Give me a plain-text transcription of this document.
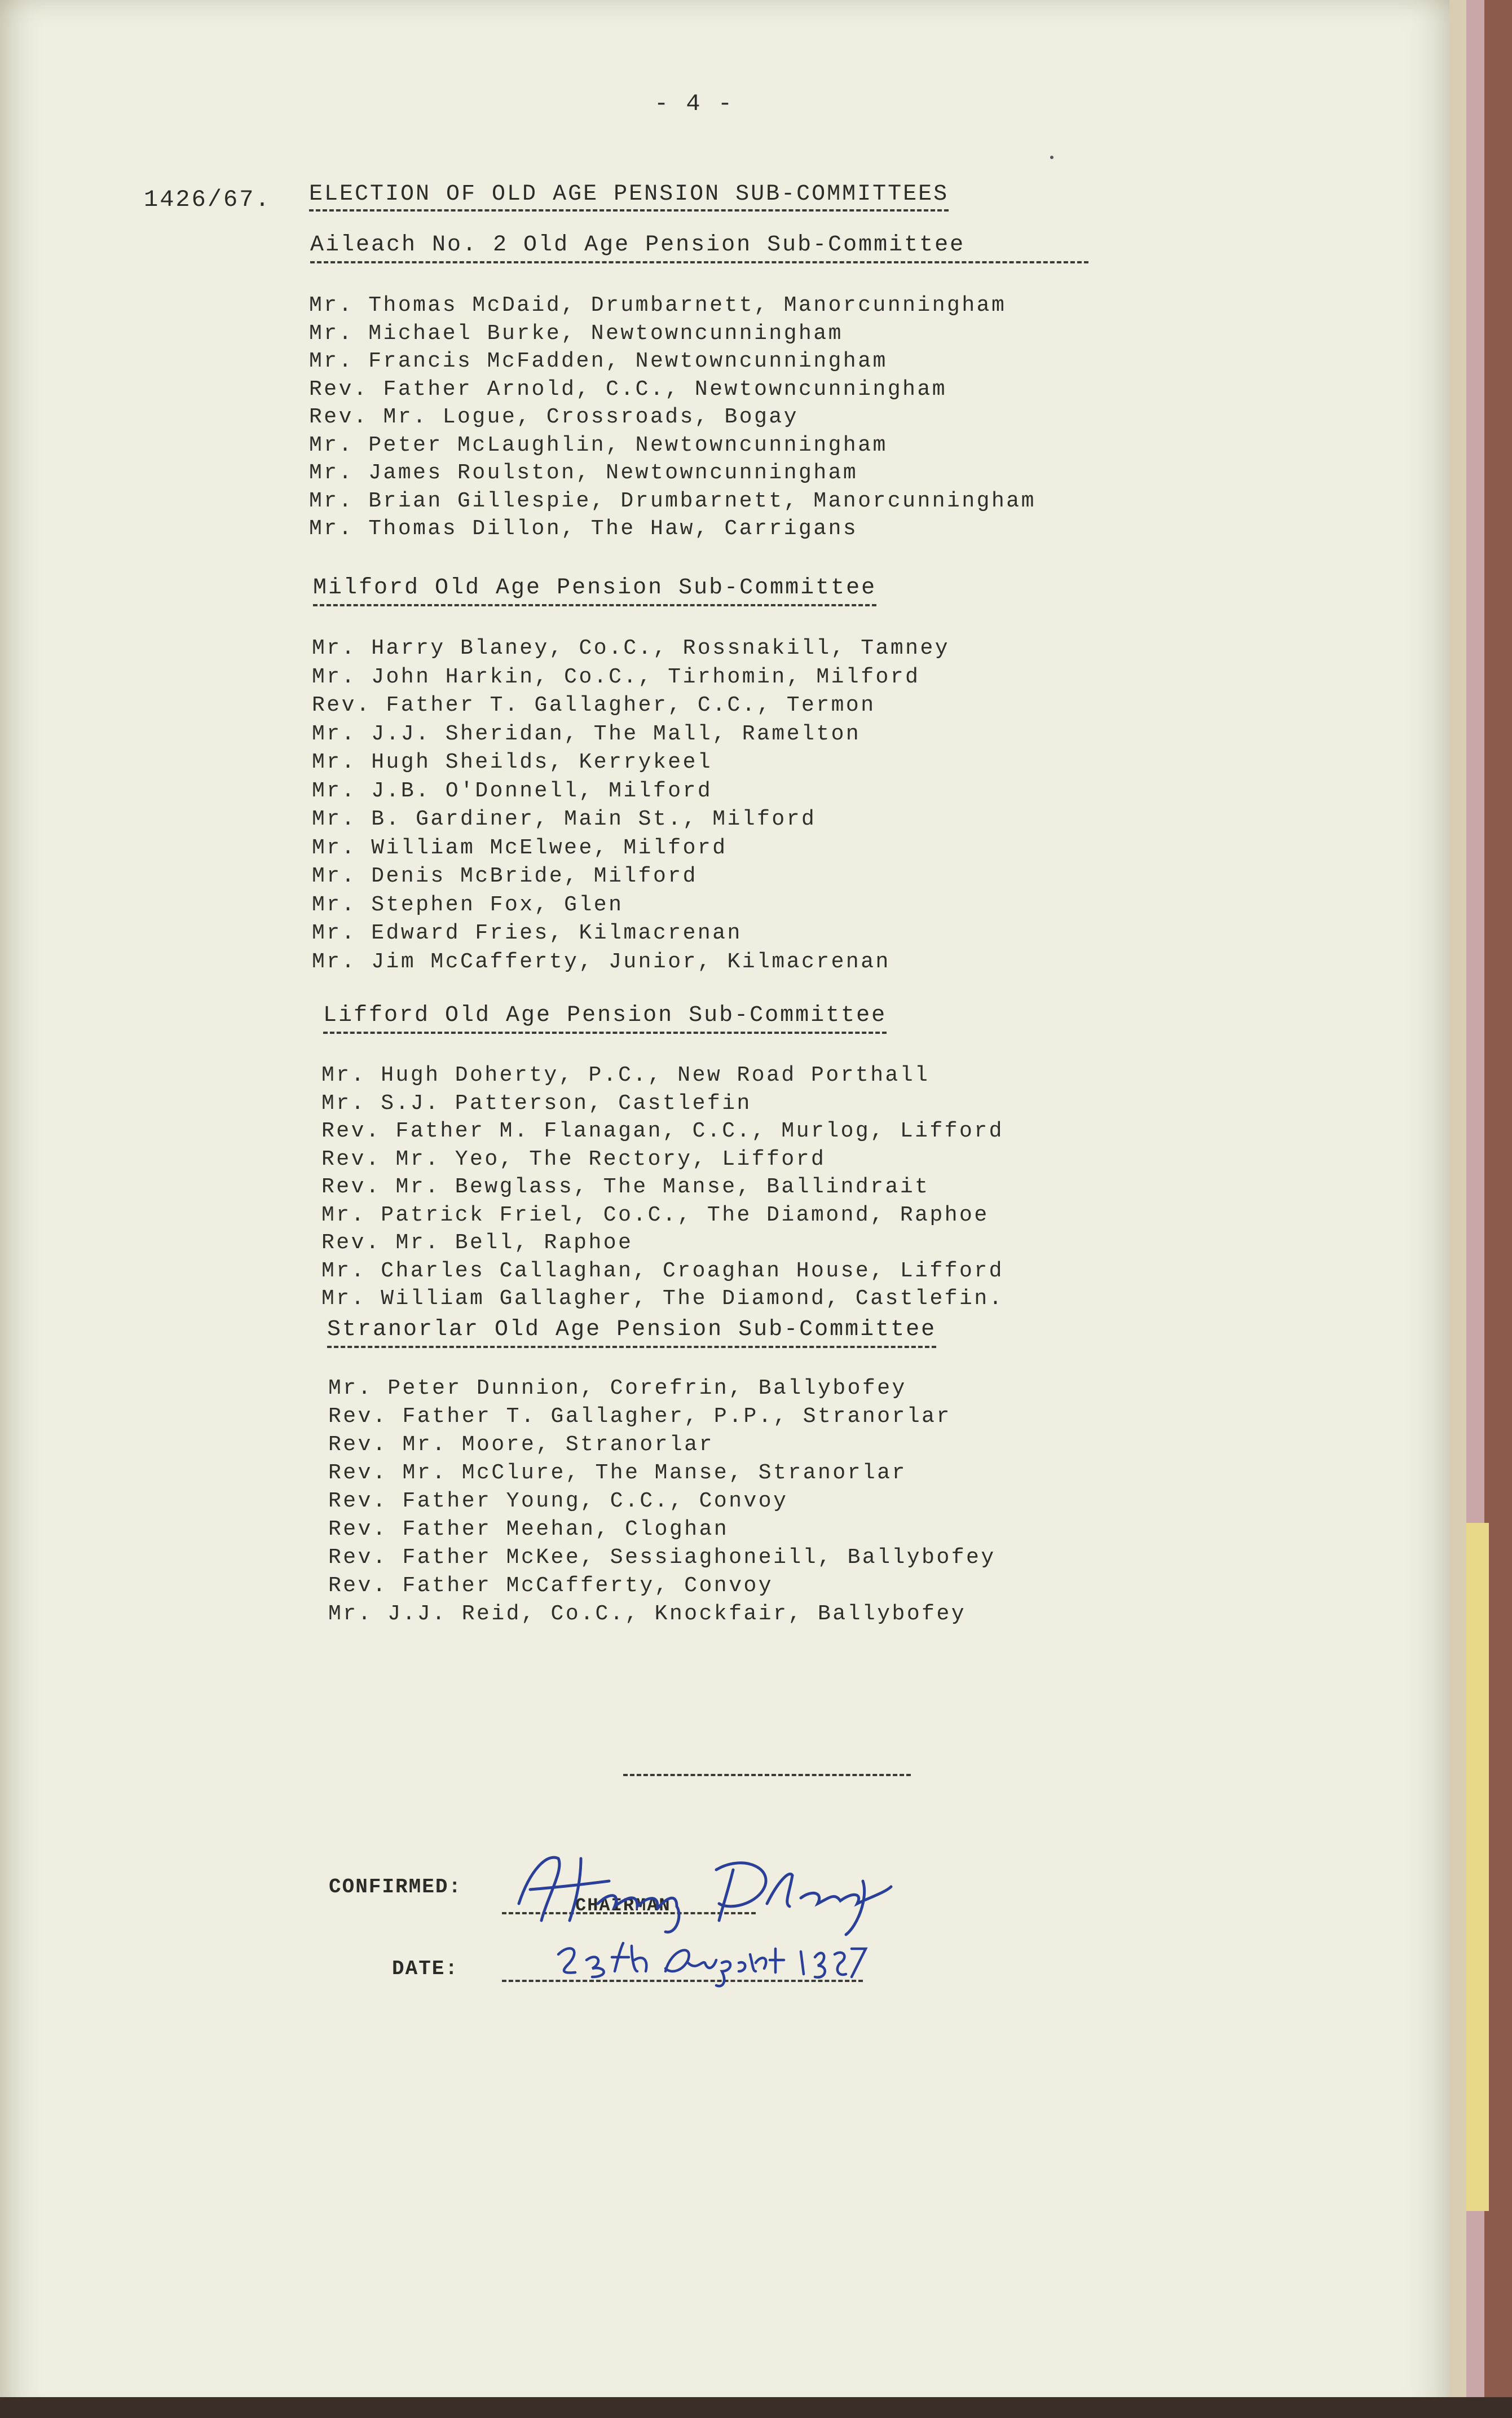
- 4 -
1426/67. ELECTION OF OLD AGE PENSION SUB-COMMITTEES
Aileach No. 2 Old Age Pension Sub-Committee
Mr. Thomas McDaid, Drumbarnett, Manorcunningham
Mr. Michael Burke, Newtowncunningham
Mr. Francis McFadden, Newtowncunningham
Rev. Father Arnold, C.C., Newtowncunningham
Rev. Mr. Logue, Crossroads, Bogay
Mr. Peter McLaughlin, Newtowncunningham
Mr. James Roulston, Newtowncunningham
Mr. Brian Gillespie, Drumbarnett, Manorcunningham
Mr. Thomas Dillon, The Haw, Carrigans
Milford Old Age Pension Sub-Committee
Mr. Harry Blaney, Co.C., Rossnakill, Tamney
Mr. John Harkin, Co.C., Tirhomin, Milford
Rev. Father T. Gallagher, C.C., Termon
Mr. J.J. Sheridan, The Mall, Ramelton
Mr. Hugh Sheilds, Kerrykeel
Mr. J.B. O'Donnell, Milford
Mr. B. Gardiner, Main St., Milford
Mr. William McElwee, Milford
Mr. Denis McBride, Milford
Mr. Stephen Fox, Glen
Mr. Edward Fries, Kilmacrenan
Mr. Jim McCafferty, Junior, Kilmacrenan
Lifford Old Age Pension Sub-Committee
Mr. Hugh Doherty, P.C., New Road Porthall
Mr. S.J. Patterson, Castlefin
Rev. Father M. Flanagan, C.C., Murlog, Lifford
Rev. Mr. Yeo, The Rectory, Lifford
Rev. Mr. Bewglass, The Manse, Ballindrait
Mr. Patrick Friel, Co.C., The Diamond, Raphoe
Rev. Mr. Bell, Raphoe
Mr. Charles Callaghan, Croaghan House, Lifford
Mr. William Gallagher, The Diamond, Castlefin.
Stranorlar Old Age Pension Sub-Committee
Mr. Peter Dunnion, Corefrin, Ballybofey
Rev. Father T. Gallagher, P.P., Stranorlar
Rev. Mr. Moore, Stranorlar
Rev. Mr. McClure, The Manse, Stranorlar
Rev. Father Young, C.C., Convoy
Rev. Father Meehan, Cloghan
Rev. Father McKee, Sessiaghoneill, Ballybofey
Rev. Father McCafferty, Convoy
Mr. J.J. Reid, Co.C., Knockfair, Ballybofey
CONFIRMED:
CHAIRMAN
DATE:
